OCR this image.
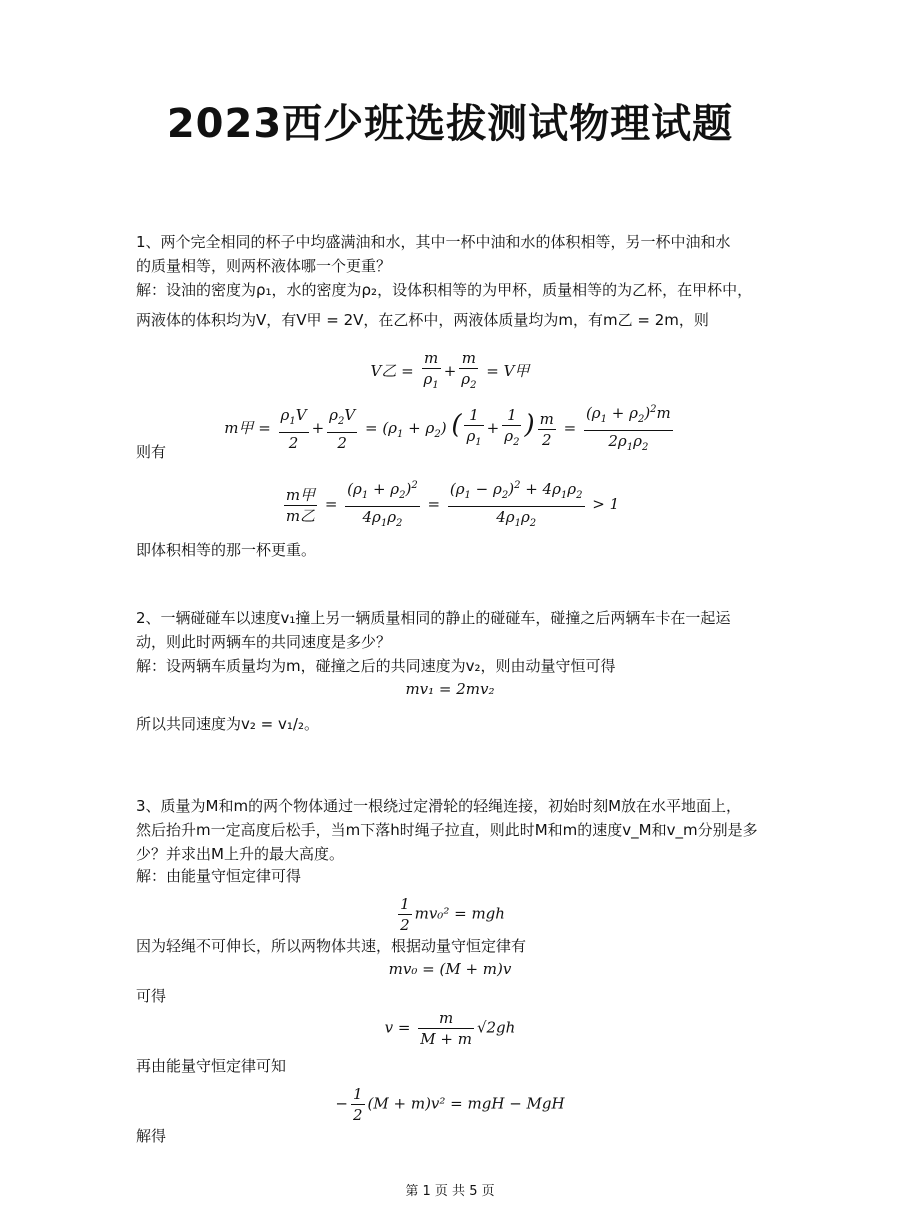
2023西少班选拔测试物理试题
1、两个完全相同的杯子中均盛满油和水，其中一杯中油和水的体积相等，另一杯中油和水
的质量相等，则两杯液体哪一个更重？
解：设油的密度为ρ₁，水的密度为ρ₂，设体积相等的为甲杯，质量相等的为乙杯，在甲杯中，
两液体的体积均为V，有V甲 = 2V，在乙杯中，两液体质量均为m，有m乙 = 2m，则
V乙 = $\frac{m}{\rho_1} + \frac{m}{\rho_2} = V$甲
m甲 = $\frac{\rho_1V}{2} + \frac{\rho_2V}{2} = (\rho_1 + \rho_2)$ ( $\frac{1}{\rho_1} + \frac{1}{\rho_2}$ ) $\frac{m}{2} = \frac{(\rho_1 + \rho_2)^2m}{2\rho_1\rho_2}$
则有
$\frac{\text{m甲}}{\text{m乙}} = \frac{(\rho_1 + \rho_2)^2}{4\rho_1\rho_2} = \frac{(\rho_1 - \rho_2)^2 + 4\rho_1\rho_2}{4\rho_1\rho_2} > 1$
即体积相等的那一杯更重。
2、一辆碰碰车以速度v₁撞上另一辆质量相同的静止的碰碰车，碰撞之后两辆车卡在一起运
动，则此时两辆车的共同速度是多少？
解：设两辆车质量均为m，碰撞之后的共同速度为v₂，则由动量守恒可得
mv₁ = 2mv₂
所以共同速度为v₂ = v₁/₂。
3、质量为M和m的两个物体通过一根绕过定滑轮的轻绳连接，初始时刻M放在水平地面上，
然后抬升m一定高度后松手，当m下落h时绳子拉直，则此时M和m的速度v_M和v_m分别是多
少？并求出M上升的最大高度。
解：由能量守恒定律可得
$\frac{1}{2} mv_0^2$ = mgh
因为轻绳不可伸长，所以两物体共速，根据动量守恒定律有
mv₀ = (M + m)v
可得
$v = \frac{m}{M + m} √2gh$
再由能量守恒定律可知
− $\frac{1}{2} (M + m)v^2$ = mgH − MgH
解得
第 1 页 共 5 页
